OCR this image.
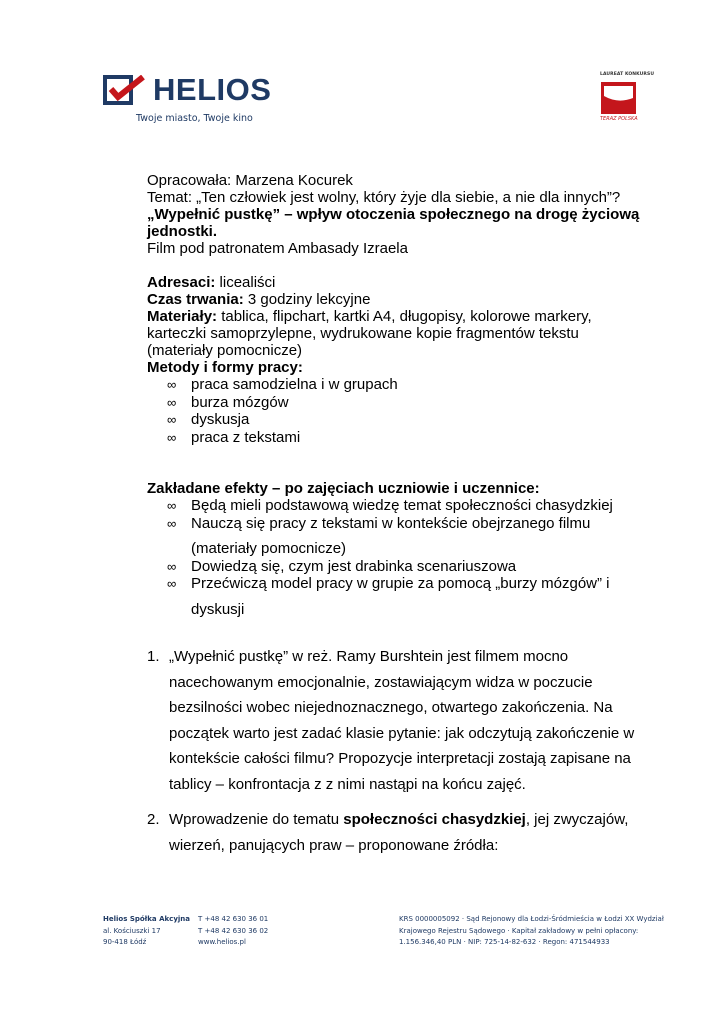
HELIOS
Twoje miasto, Twoje kino
LAUREAT KONKURSU
TERAZ POLSKA

Opracowała: Marzena Kocurek

Temat: „Ten człowiek jest wolny, który żyje dla siebie, a nie dla innych”?

„Wypełnić pustkę” – wpływ otoczenia społecznego na drogę życiową jednostki.

Film pod patronatem Ambasady Izraela

Adresaci: licealiści

Czas trwania: 3 godziny lekcyjne

Materiały: tablica, flipchart, kartki A4, długopisy, kolorowe markery, karteczki samoprzylepne, wydrukowane kopie fragmentów tekstu (materiały pomocnicze)

Metody i formy pracy:

∞ praca samodzielna i w grupach
∞ burza mózgów
∞ dyskusja
∞ praca z tekstami

Zakładane efekty – po zajęciach uczniowie i uczennice:

∞ Będą mieli podstawową wiedzę temat społeczności chasydzkiej
∞ Nauczą się pracy z tekstami w kontekście obejrzanego filmu
(materiały pomocnicze)
∞ Dowiedzą się, czym jest drabinka scenariuszowa
∞ Przećwiczą model pracy w grupie za pomocą „burzy mózgów” i
dyskusji
1. „Wypełnić pustkę” w reż. Ramy Burshtein jest filmem mocno nacechowanym emocjonalnie, zostawiającym widza w poczucie bezsilności wobec niejednoznacznego, otwartego zakończenia. Na początek warto jest zadać klasie pytanie: jak odczytują zakończenie w kontekście całości filmu? Propozycje interpretacji zostają zapisane na tablicy – konfrontacja z z nimi nastąpi na końcu zajęć.
2. Wprowadzenie do tematu społeczności chasydzkiej, jej zwyczajów, wierzeń, panujących praw – proponowane źródła:
Helios Spółka Akcyjna
al. Kościuszki 17
90-418 Łódź
T +48 42 630 36 01
T +48 42 630 36 02
www.helios.pl
KRS 0000005092 · Sąd Rejonowy dla Łodzi-Śródmieścia w Łodzi XX Wydział
Krajowego Rejestru Sądowego · Kapitał zakładowy w pełni opłacony:
1.156.346,40 PLN · NIP: 725-14-82-632 · Regon: 471544933
